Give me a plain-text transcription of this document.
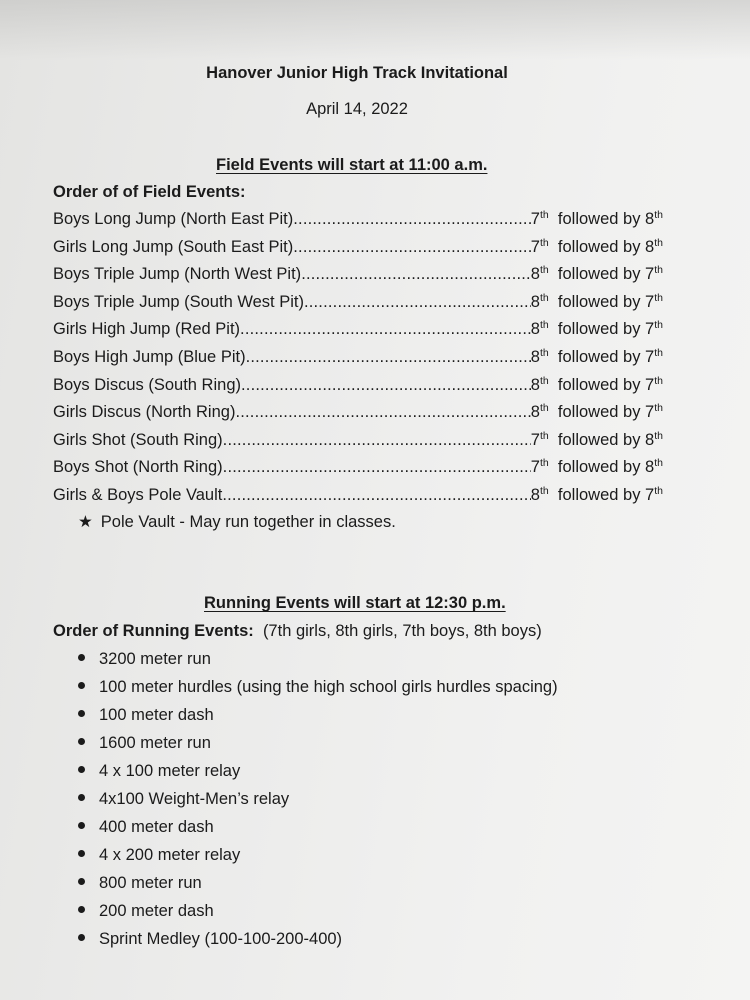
Hanover Junior High Track Invitational
April 14, 2022
Field Events will start at 11:00 a.m.
Order of of Field Events:
Boys Long Jump (North East Pit) .....	7th followed by 8th
Girls Long Jump (South East Pit) .....	7th followed by 8th
Boys Triple Jump (North West Pit) .....	8th followed by 7th
Boys Triple Jump (South West Pit) .....	8th followed by 7th
Girls High Jump (Red Pit) .....	8th followed by 7th
Boys High Jump (Blue Pit) .....	8th followed by 7th
Boys Discus (South Ring) .....	8th followed by 7th
Girls Discus (North Ring) .....	8th followed by 7th
Girls Shot (South Ring) .....	7th followed by 8th
Boys Shot (North Ring) .....	7th followed by 8th
Girls & Boys Pole Vault .....	8th followed by 7th
★ Pole Vault - May run together in classes.
Running Events will start at 12:30 p.m.
Order of Running Events: (7th girls, 8th girls, 7th boys, 8th boys)
3200 meter run
100 meter hurdles (using the high school girls hurdles spacing)
100 meter dash
1600 meter run
4 x 100 meter relay
4x100 Weight-Men’s relay
400 meter dash
4 x 200 meter relay
800 meter run
200 meter dash
Sprint Medley (100-100-200-400)
